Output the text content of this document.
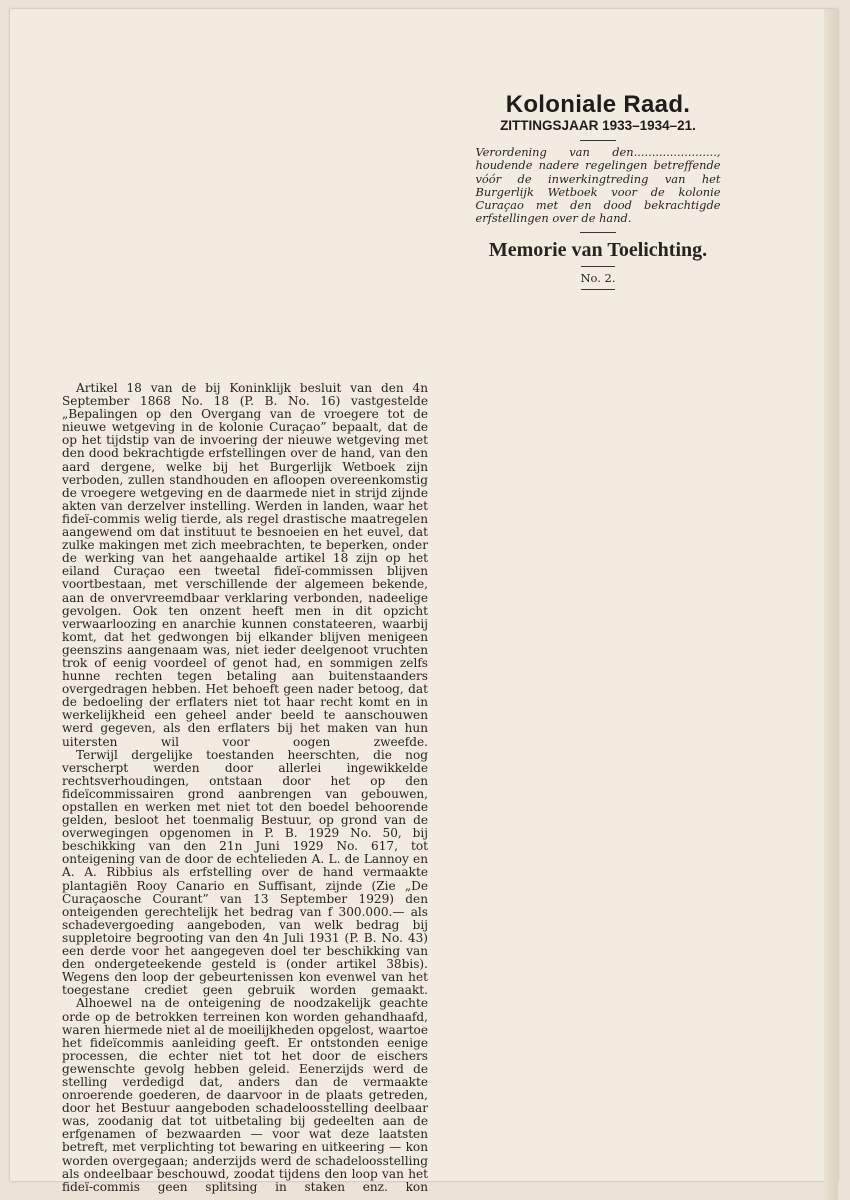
Koloniale Raad.
ZITTINGSJAAR 1933–1934–21.
Verordening van den......................., houdende nadere regelingen betreffende vóór de inwerkingtreding van het Burgerlijk Wetboek voor de kolonie Curaçao met den dood bekrachtigde erfstellingen over de hand.
Memorie van Toelichting.
No. 2.

Artikel 18 van de bij Koninklijk besluit van den 4n September 1868 No. 18 (P. B. No. 16) vastgestelde „Bepalingen op den Overgang van de vroegere tot de nieuwe wetgeving in de kolonie Curaçao” bepaalt, dat de op het tijdstip van de invoering der nieuwe wetgeving met den dood bekrachtigde erfstellingen over de hand, van den aard dergene, welke bij het Burgerlijk Wetboek zijn verboden, zullen standhouden en afloopen overeenkomstig de vroegere wetgeving en de daarmede niet in strijd zijnde akten van derzelver instelling. Werden in landen, waar het fideï-commis welig tierde, als regel drastische maatregelen aangewend om dat instituut te besnoeien en het euvel, dat zulke makingen met zich meebrachten, te beperken, onder de werking van het aangehaalde artikel 18 zijn op het eiland Curaçao een tweetal fideï-commissen blijven voortbestaan, met verschillende der algemeen bekende, aan de onvervreemdbaar verklaring verbonden, nadeelige gevolgen. Ook ten onzent heeft men in dit opzicht verwaarloozing en anarchie kunnen constateeren, waarbij komt, dat het gedwongen bij elkander blijven menigeen geenszins aangenaam was, niet ieder deelgenoot vruchten trok of eenig voordeel of genot had, en sommigen zelfs hunne rechten tegen betaling aan buitenstaanders overgedragen hebben. Het behoeft geen nader betoog, dat de bedoeling der erflaters niet tot haar recht komt en in werkelijkheid een geheel ander beeld te aanschouwen werd gegeven, als den erflaters bij het maken van hun uitersten wil voor oogen zweefde.

Terwijl dergelijke toestanden heerschten, die nog verscherpt werden door allerlei ingewikkelde rechtsverhoudingen, ontstaan door het op den fideïcommissairen grond aanbrengen van gebouwen, opstallen en werken met niet tot den boedel behoorende gelden, besloot het toenmalig Bestuur, op grond van de overwegingen opgenomen in P. B. 1929 No. 50, bij beschikking van den 21n Juni 1929 No. 617, tot onteigening van de door de echtelieden A. L. de Lannoy en A. A. Ribbius als erfstelling over de hand vermaakte plantagiën Rooy Canario en Suffisant, zijnde (Zie „De Curaçaosche Courant” van 13 September 1929) den onteigenden gerechtelijk het bedrag van f 300.000.— als schadevergoeding aangeboden, van welk bedrag bij suppletoire begrooting van den 4n Juli 1931 (P. B. No. 43) een derde voor het aangegeven doel ter beschikking van den ondergeteekende gesteld is (onder artikel 38bis). Wegens den loop der gebeurtenissen kon evenwel van het toegestane crediet geen gebruik worden gemaakt.

Alhoewel na de onteigening de noodzakelijk geachte orde op de betrokken terreinen kon worden gehandhaafd, waren hiermede niet al de moeilijkheden opgelost, waartoe het fideïcommis aanleiding geeft. Er ontstonden eenige processen, die echter niet tot het door de eischers gewenschte gevolg hebben geleid. Eenerzijds werd de stelling verdedigd dat, anders dan de vermaakte onroerende goederen, de daarvoor in de plaats getreden, door het Bestuur aangeboden schadeloosstelling deelbaar was, zoodanig dat tot uitbetaling bij gedeelten aan de erfgenamen of bezwaarden — voor wat deze laatsten betreft, met verplichting tot bewaring en uitkeering — kon worden overgegaan; anderzijds werd de schadeloosstelling als ondeelbaar beschouwd, zoodat tijdens den loop van het fideï-commis geen splitsing in staken enz. kon
